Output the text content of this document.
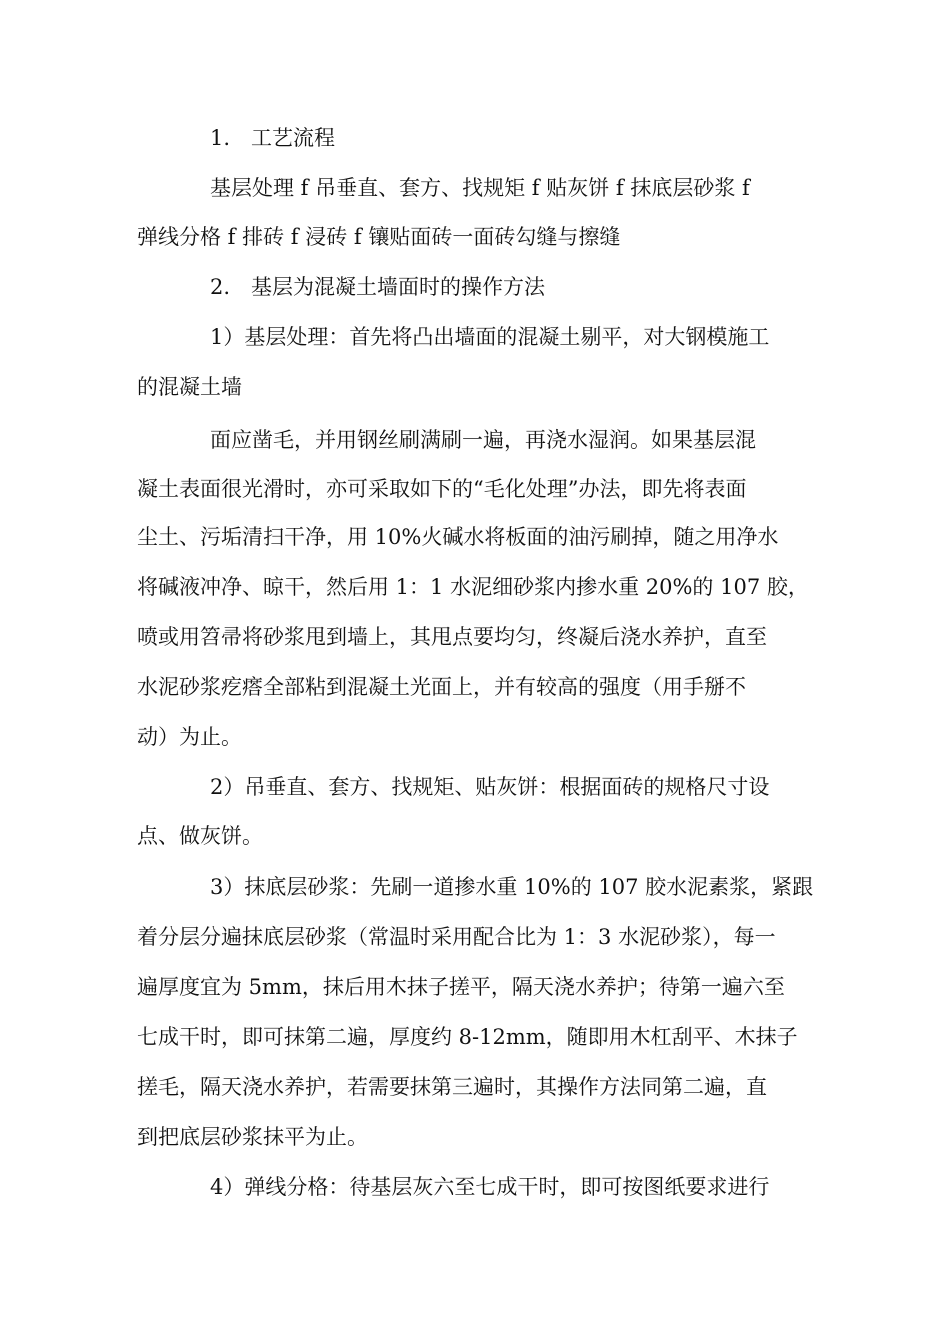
1.　工艺流程

基层处理 f 吊垂直、套方、找规矩 f 贴灰饼 f 抹底层砂浆 f

弹线分格 f 排砖 f 浸砖 f 镶贴面砖一面砖勾缝与擦缝

2.　基层为混凝土墙面时的操作方法

1）基层处理：首先将凸出墙面的混凝土剔平，对大钢模施工

的混凝土墙

面应凿毛，并用钢丝刷满刷一遍，再浇水湿润。如果基层混

凝土表面很光滑时，亦可采取如下的“毛化处理”办法，即先将表面

尘土、污垢清扫干净，用 10%火碱水将板面的油污刷掉，随之用净水

将碱液冲净、晾干，然后用 1：1 水泥细砂浆内掺水重 20%的 107 胶，

喷或用笤帚将砂浆甩到墙上，其甩点要均匀，终凝后浇水养护，直至

水泥砂浆疙瘩全部粘到混凝土光面上，并有较高的强度（用手掰不

动）为止。

2）吊垂直、套方、找规矩、贴灰饼：根据面砖的规格尺寸设

点、做灰饼。

3）抹底层砂浆：先刷一道掺水重 10%的 107 胶水泥素浆，紧跟

着分层分遍抹底层砂浆（常温时采用配合比为 1：3 水泥砂浆），每一

遍厚度宜为 5mm，抹后用木抹子搓平，隔天浇水养护；待第一遍六至

七成干时，即可抹第二遍，厚度约 8-12mm，随即用木杠刮平、木抹子

搓毛，隔天浇水养护，若需要抹第三遍时，其操作方法同第二遍，直

到把底层砂浆抹平为止。

4）弹线分格：待基层灰六至七成干时，即可按图纸要求进行
